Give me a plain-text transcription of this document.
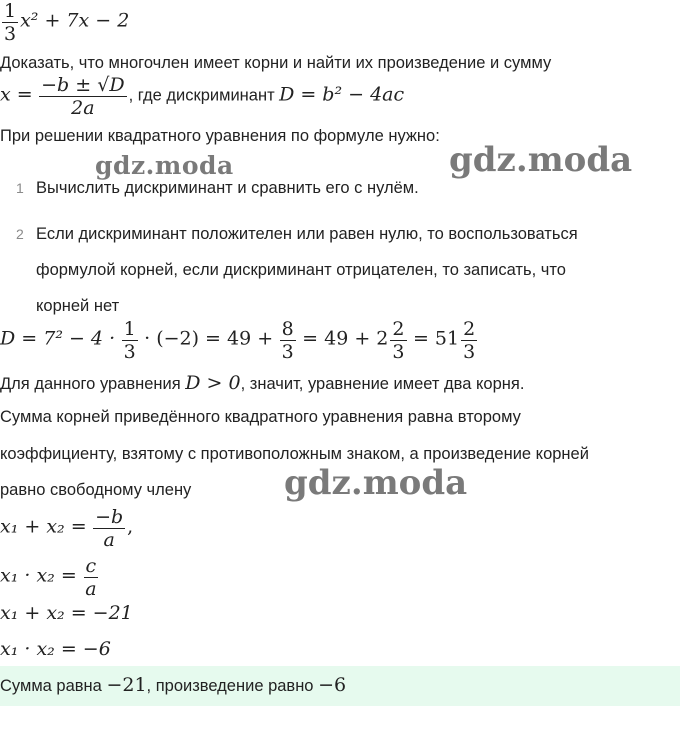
$\frac{1}{3} x^2 + 7x - 2$
Доказать, что многочлен имеет корни и найти их произведение и сумму
$x = \frac{-b \pm √D}{2a}$ , где дискриминант D = b² − 4ac
При решении квадратного уравнения по формуле нужно:
gdz.moda	gdz.moda
1 Вычислить дискриминант и сравнить его с нулём.
2 Если дискриминант положителен или равен нулю, то воспользоваться
формулой корней, если дискриминант отрицателен, то записать, что
корней нет
$D = 7^2 - 4 \cdot \frac{1}{3} \cdot (-2) = 49 + \frac{8}{3} = 49 + 2 \frac{2}{3} = 51 \frac{2}{3}$
Для данного уравнения D > 0, значит, уравнение имеет два корня.
Сумма корней приведённого квадратного уравнения равна второму
коэффициенту, взятому с противоположным знаком, а произведение корней
равно свободному члену	gdz.moda
$x_1 + x_2 = \frac{-b}{a}$ ,
$x_1 \cdot x_2 = \frac{c}{a}$
x₁ + x₂ = −21
x₁ · x₂ = −6
Сумма равна −21, произведение равно −6
